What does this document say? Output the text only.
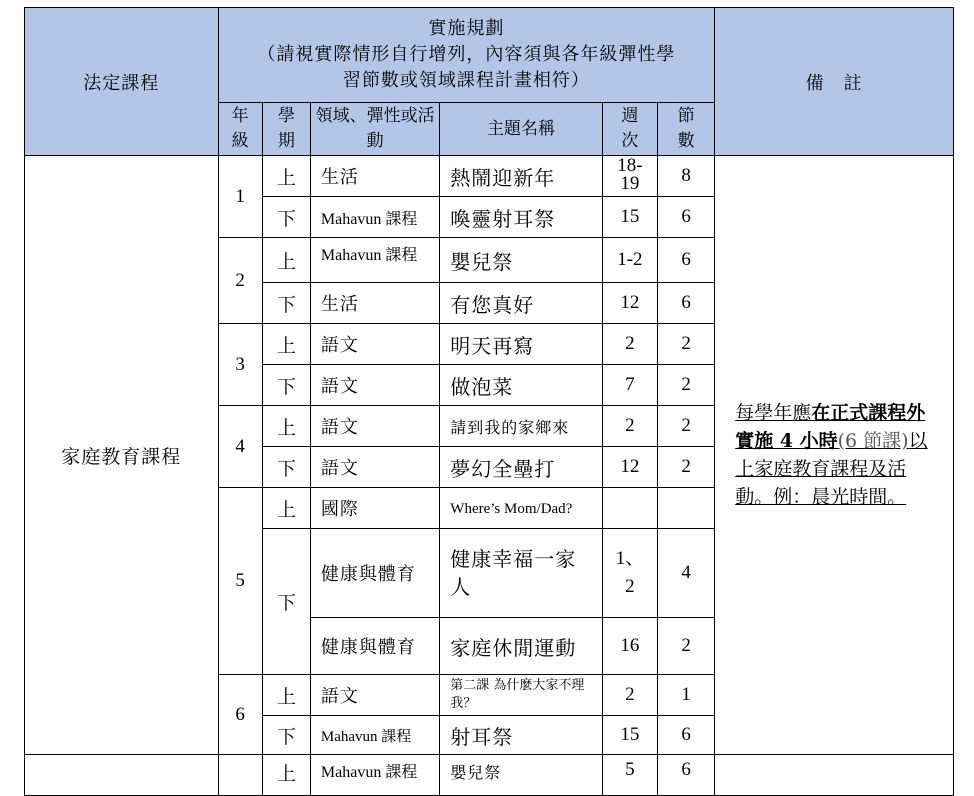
法定課程	實施規劃
（請視實際情形自行增列，內容須與各年級彈性學
習節數或領域課程計畫相符）						備　註
	年級	學期	領域、彈性或活動	主題名稱	週次	節數	
家庭教育課程	1	上	生活	熱鬧迎新年	18-19	8	每學年應在正式課程外實施 4 小時(6 節課)以上家庭教育課程及活動。例：晨光時間。

		下	Mahavun 課程	喚靈射耳祭	15	6	
	2	上	Mahavun 課程	嬰兒祭	1-2	6	
		下	生活	有您真好	12	6	
	3	上	語文	明天再寫	2	2	
		下	語文	做泡菜	7	2	
	4	上	語文	請到我的家鄉來	2	2	
		下	語文	夢幻全壘打	12	2	
	5	上	國際	Where’s Mom/Dad?			

		下	健康與體育	健康幸福一家人	1、2	4	
			健康與體育	家庭休閒運動	16	2	
	6	上	語文	第二課 為什麼大家不理我？	2	1	
		下	Mahavun 課程	射耳祭	15	6	
		上	Mahavun 課程	嬰兒祭	5	6	
